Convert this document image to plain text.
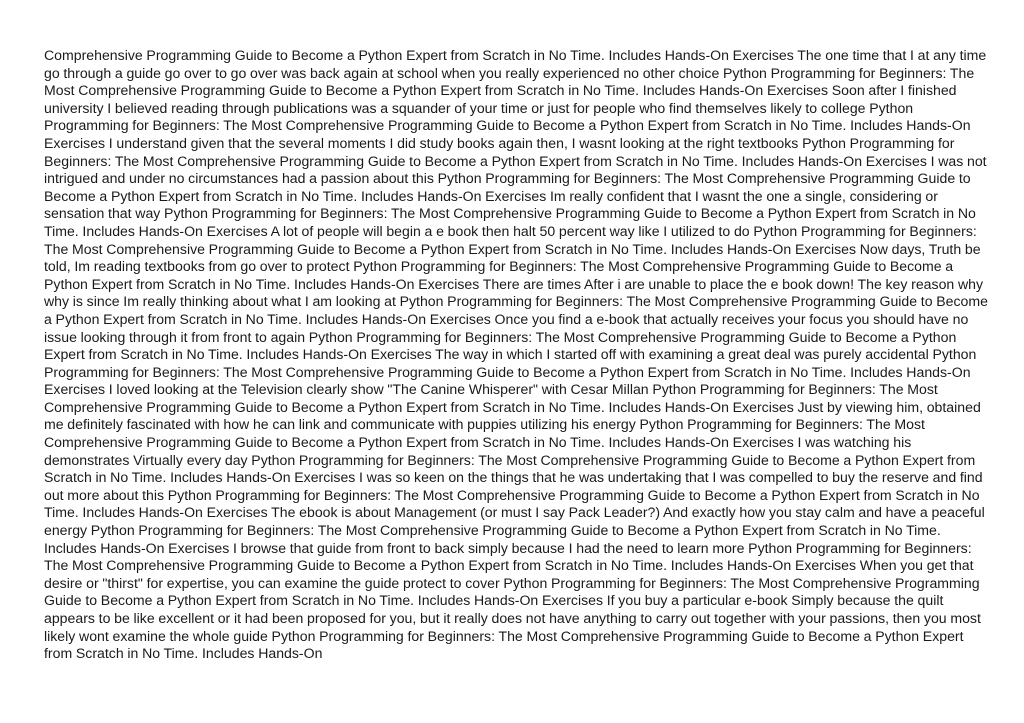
Comprehensive Programming Guide to Become a Python Expert from Scratch in No Time. Includes Hands-On Exercises The one time that I at any time go through a guide go over to go over was back again at school when you really experienced no other choice Python Programming for Beginners: The Most Comprehensive Programming Guide to Become a Python Expert from Scratch in No Time. Includes Hands-On Exercises Soon after I finished university I believed reading through publications was a squander of your time or just for people who find themselves likely to college Python Programming for Beginners: The Most Comprehensive Programming Guide to Become a Python Expert from Scratch in No Time. Includes Hands-On Exercises I understand given that the several moments I did study books again then, I wasnt looking at the right textbooks Python Programming for Beginners: The Most Comprehensive Programming Guide to Become a Python Expert from Scratch in No Time. Includes Hands-On Exercises I was not intrigued and under no circumstances had a passion about this Python Programming for Beginners: The Most Comprehensive Programming Guide to Become a Python Expert from Scratch in No Time. Includes Hands-On Exercises Im really confident that I wasnt the one a single, considering or sensation that way Python Programming for Beginners: The Most Comprehensive Programming Guide to Become a Python Expert from Scratch in No Time. Includes Hands-On Exercises A lot of people will begin a e book then halt 50 percent way like I utilized to do Python Programming for Beginners: The Most Comprehensive Programming Guide to Become a Python Expert from Scratch in No Time. Includes Hands-On Exercises Now days, Truth be told, Im reading textbooks from go over to protect Python Programming for Beginners: The Most Comprehensive Programming Guide to Become a Python Expert from Scratch in No Time. Includes Hands-On Exercises There are times After i are unable to place the e book down! The key reason why why is since Im really thinking about what I am looking at Python Programming for Beginners: The Most Comprehensive Programming Guide to Become a Python Expert from Scratch in No Time. Includes Hands-On Exercises Once you find a e-book that actually receives your focus you should have no issue looking through it from front to again Python Programming for Beginners: The Most Comprehensive Programming Guide to Become a Python Expert from Scratch in No Time. Includes Hands-On Exercises The way in which I started off with examining a great deal was purely accidental Python Programming for Beginners: The Most Comprehensive Programming Guide to Become a Python Expert from Scratch in No Time. Includes Hands-On Exercises I loved looking at the Television clearly show "The Canine Whisperer" with Cesar Millan Python Programming for Beginners: The Most Comprehensive Programming Guide to Become a Python Expert from Scratch in No Time. Includes Hands-On Exercises Just by viewing him, obtained me definitely fascinated with how he can link and communicate with puppies utilizing his energy Python Programming for Beginners: The Most Comprehensive Programming Guide to Become a Python Expert from Scratch in No Time. Includes Hands-On Exercises I was watching his demonstrates Virtually every day Python Programming for Beginners: The Most Comprehensive Programming Guide to Become a Python Expert from Scratch in No Time. Includes Hands-On Exercises I was so keen on the things that he was undertaking that I was compelled to buy the reserve and find out more about this Python Programming for Beginners: The Most Comprehensive Programming Guide to Become a Python Expert from Scratch in No Time. Includes Hands-On Exercises The ebook is about Management (or must I say Pack Leader?) And exactly how you stay calm and have a peaceful energy Python Programming for Beginners: The Most Comprehensive Programming Guide to Become a Python Expert from Scratch in No Time. Includes Hands-On Exercises I browse that guide from front to back simply because I had the need to learn more Python Programming for Beginners: The Most Comprehensive Programming Guide to Become a Python Expert from Scratch in No Time. Includes Hands-On Exercises When you get that desire or "thirst" for expertise, you can examine the guide protect to cover Python Programming for Beginners: The Most Comprehensive Programming Guide to Become a Python Expert from Scratch in No Time. Includes Hands-On Exercises If you buy a particular e-book Simply because the quilt appears to be like excellent or it had been proposed for you, but it really does not have anything to carry out together with your passions, then you most likely wont examine the whole guide Python Programming for Beginners: The Most Comprehensive Programming Guide to Become a Python Expert from Scratch in No Time. Includes Hands-On
